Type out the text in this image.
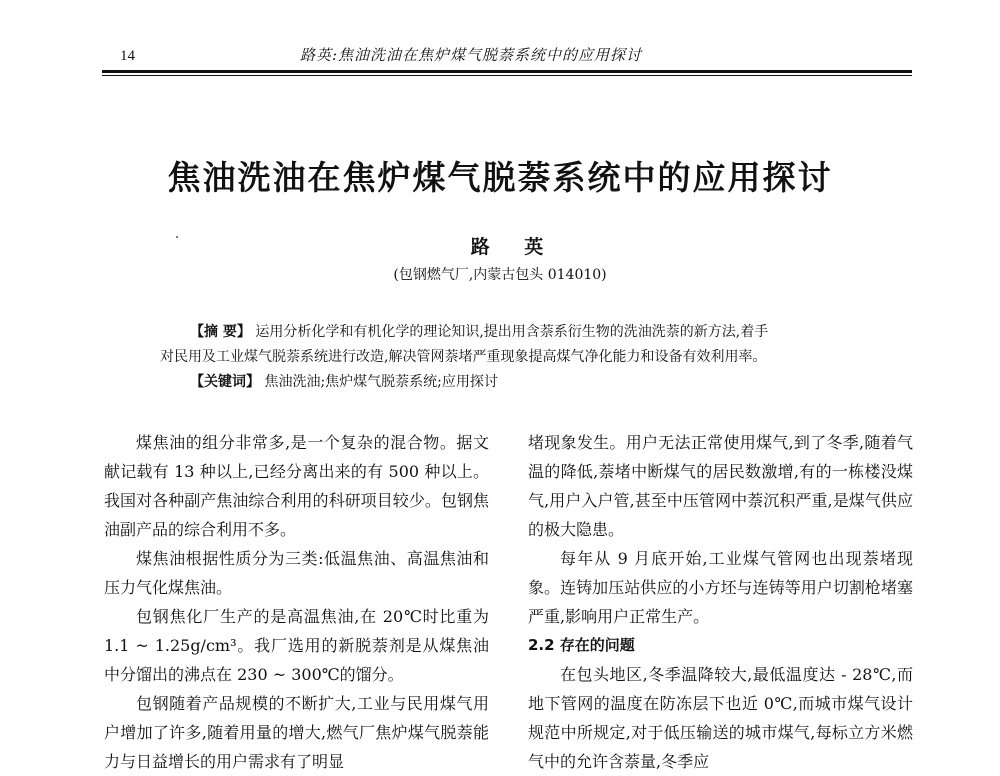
14	路英:焦油洗油在焦炉煤气脱萘系统中的应用探讨
焦油洗油在焦炉煤气脱萘系统中的应用探讨
路 英
(包钢燃气厂,内蒙古包头 014010)
【摘 要】 运用分析化学和有机化学的理论知识,提出用含萘系衍生物的洗油洗萘的新方法,着手
对民用及工业煤气脱萘系统进行改造,解决管网萘堵严重现象提高煤气净化能力和设备有效利用率。
【关键词】 焦油洗油;焦炉煤气脱萘系统;应用探讨

煤焦油的组分非常多,是一个复杂的混合物。据文献记载有 13 种以上,已经分离出来的有 500 种以上。我国对各种副产焦油综合利用的科研项目较少。包钢焦油副产品的综合利用不多。

煤焦油根据性质分为三类:低温焦油、高温焦油和压力气化煤焦油。

包钢焦化厂生产的是高温焦油,在 20℃时比重为 1.1 ~ 1.25g/cm³。我厂选用的新脱萘剂是从煤焦油中分馏出的沸点在 230 ~ 300℃的馏分。

包钢随着产品规模的不断扩大,工业与民用煤气用户增加了许多,随着用量的增大,燃气厂焦炉煤气脱萘能力与日益增长的用户需求有了明显

堵现象发生。用户无法正常使用煤气,到了冬季,随着气温的降低,萘堵中断煤气的居民数激增,有的一栋楼没煤气,用户入户管,甚至中压管网中萘沉积严重,是煤气供应的极大隐患。

每年从 9 月底开始,工业煤气管网也出现萘堵现象。连铸加压站供应的小方坯与连铸等用户切割枪堵塞严重,影响用户正常生产。

2.2 存在的问题

在包头地区,冬季温降较大,最低温度达 - 28℃,而地下管网的温度在防冻层下也近 0℃,而城市煤气设计规范中所规定,对于低压输送的城市煤气,每标立方米燃气中的允许含萘量,冬季应
